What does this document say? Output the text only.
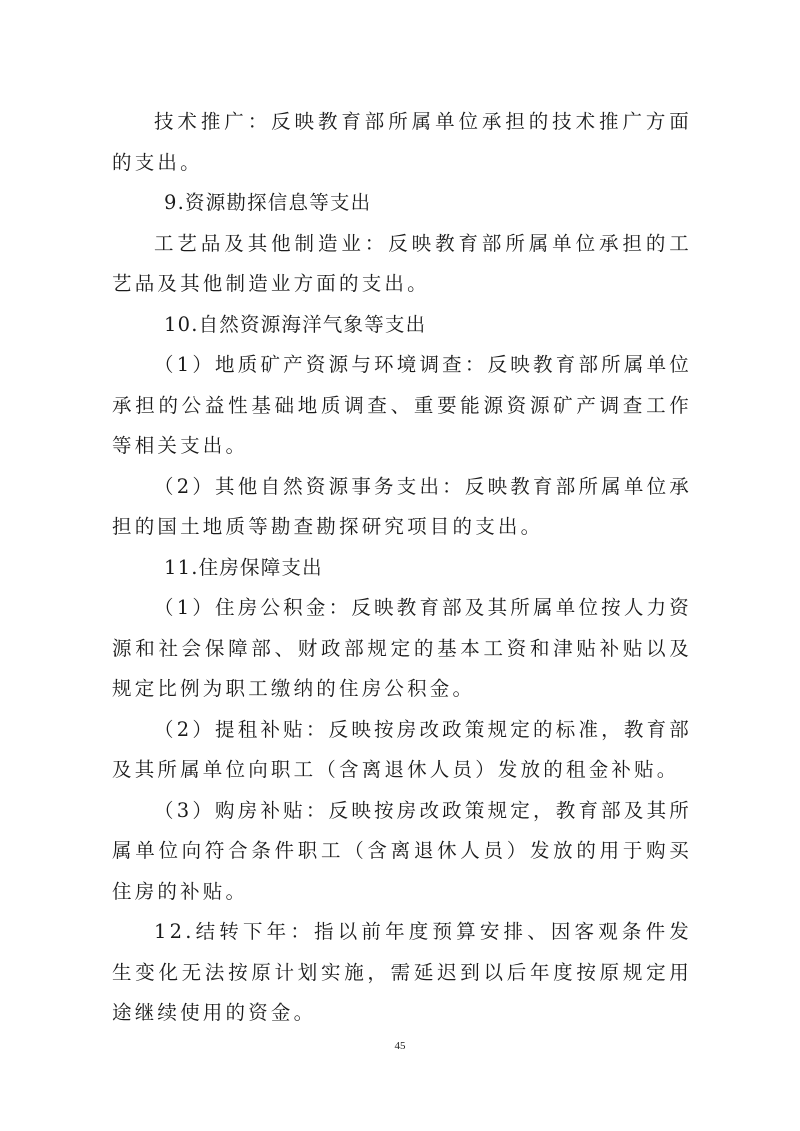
技术推广：反映教育部所属单位承担的技术推广方面的支出。

9.资源勘探信息等支出

工艺品及其他制造业：反映教育部所属单位承担的工艺品及其他制造业方面的支出。

10.自然资源海洋气象等支出

（1）地质矿产资源与环境调查：反映教育部所属单位承担的公益性基础地质调查、重要能源资源矿产调查工作等相关支出。

（2）其他自然资源事务支出：反映教育部所属单位承担的国土地质等勘查勘探研究项目的支出。

11.住房保障支出

（1）住房公积金：反映教育部及其所属单位按人力资源和社会保障部、财政部规定的基本工资和津贴补贴以及规定比例为职工缴纳的住房公积金。

（2）提租补贴：反映按房改政策规定的标准，教育部及其所属单位向职工（含离退休人员）发放的租金补贴。

（3）购房补贴：反映按房改政策规定，教育部及其所属单位向符合条件职工（含离退休人员）发放的用于购买住房的补贴。

12.结转下年：指以前年度预算安排、因客观条件发生变化无法按原计划实施，需延迟到以后年度按原规定用途继续使用的资金。

45
